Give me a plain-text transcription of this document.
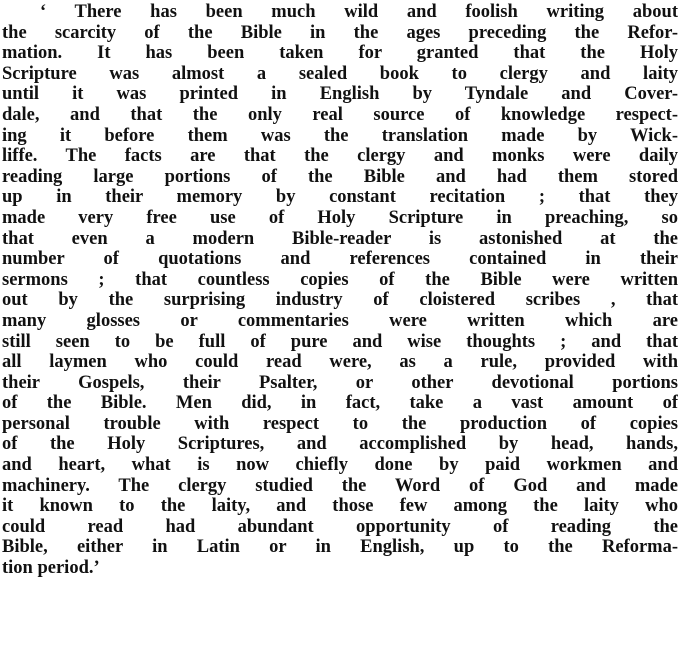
‘ There has been much wild and foolish writing about
the scarcity of the Bible in the ages preceding the Refor-
mation. It has been taken for granted that the Holy
Scripture was almost a sealed book to clergy and laity
until it was printed in English by Tyndale and Cover-
dale, and that the only real source of knowledge respect-
ing it before them was the translation made by Wick-
liffe. The facts are that the clergy and monks were daily
reading large portions of the Bible and had them stored
up in their memory by constant recitation ; that they
made very free use of Holy Scripture in preaching, so
that even a modern Bible-reader is astonished at the
number of quotations and references contained in their
sermons ; that countless copies of the Bible were written
out by the surprising industry of cloistered scribes , that
many glosses or commentaries were written which are
still seen to be full of pure and wise thoughts ; and that
all laymen who could read were, as a rule, provided with
their Gospels, their Psalter, or other devotional portions
of the Bible. Men did, in fact, take a vast amount of
personal trouble with respect to the production of copies
of the Holy Scriptures, and accomplished by head, hands,
and heart, what is now chiefly done by paid workmen and
machinery. The clergy studied the Word of God and made
it known to the laity, and those few among the laity who
could read had abundant opportunity of reading the
Bible, either in Latin or in English, up to the Reforma-
tion period.’
